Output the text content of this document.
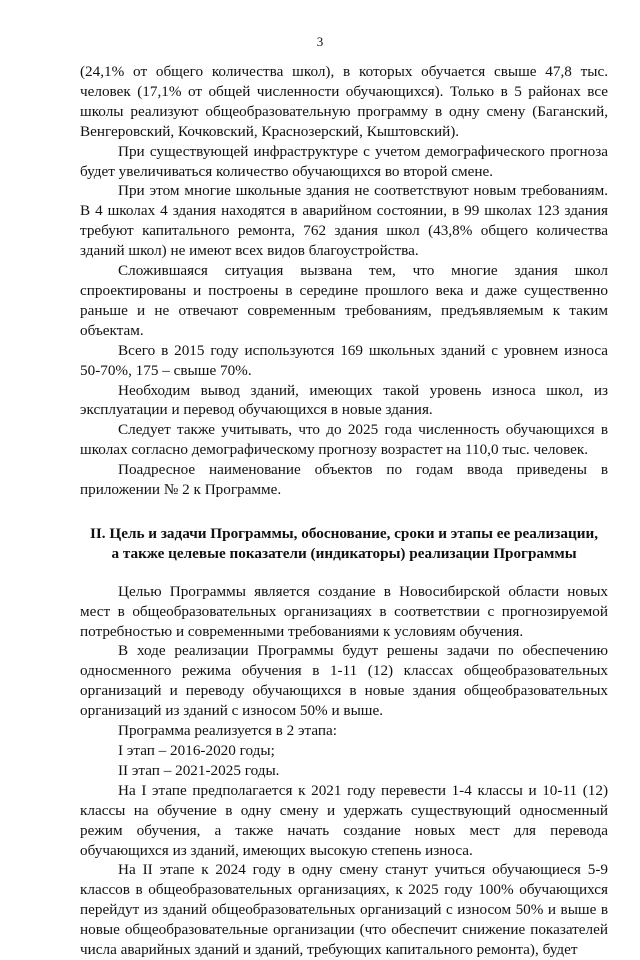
3

(24,1% от общего количества школ), в которых обучается свыше 47,8 тыс. человек (17,1% от общей численности обучающихся). Только в 5 районах все школы реализуют общеобразовательную программу в одну смену (Баганский, Венгеровский, Кочковский, Краснозерский, Кыштовский).

При существующей инфраструктуре с учетом демографического прогноза будет увеличиваться количество обучающихся во второй смене.

При этом многие школьные здания не соответствуют новым требованиям. В 4 школах 4 здания находятся в аварийном состоянии, в 99 школах 123 здания требуют капитального ремонта, 762 здания школ (43,8% общего количества зданий школ) не имеют всех видов благоустройства.

Сложившаяся ситуация вызвана тем, что многие здания школ спроектированы и построены в середине прошлого века и даже существенно раньше и не отвечают современным требованиям, предъявляемым к таким объектам.

Всего в 2015 году используются 169 школьных зданий с уровнем износа 50-70%, 175 – свыше 70%.

Необходим вывод зданий, имеющих такой уровень износа школ, из эксплуатации и перевод обучающихся в новые здания.

Следует также учитывать, что до 2025 года численность обучающихся в школах согласно демографическому прогнозу возрастет на 110,0 тыс. человек.

Поадресное наименование объектов по годам ввода приведены в приложении № 2 к Программе.

II. Цель и задачи Программы, обоснование, сроки и этапы ее реализации,
а также целевые показатели (индикаторы) реализации Программы

Целью Программы является создание в Новосибирской области новых мест в общеобразовательных организациях в соответствии с прогнозируемой потребностью и современными требованиями к условиям обучения.

В ходе реализации Программы будут решены задачи по обеспечению односменного режима обучения в 1-11 (12) классах общеобразовательных организаций и переводу обучающихся в новые здания общеобразовательных организаций из зданий с износом 50% и выше.

Программа реализуется в 2 этапа:

I этап – 2016-2020 годы;

II этап – 2021-2025 годы.

На I этапе предполагается к 2021 году перевести 1-4 классы и 10-11 (12) классы на обучение в одну смену и удержать существующий односменный режим обучения, а также начать создание новых мест для перевода обучающихся из зданий, имеющих высокую степень износа.

На II этапе к 2024 году в одну смену станут учиться обучающиеся 5-9 классов в общеобразовательных организациях, к 2025 году 100% обучающихся перейдут из зданий общеобразовательных организаций с износом 50% и выше в новые общеобразовательные организации (что обеспечит снижение показателей числа аварийных зданий и зданий, требующих капитального ремонта), будет
